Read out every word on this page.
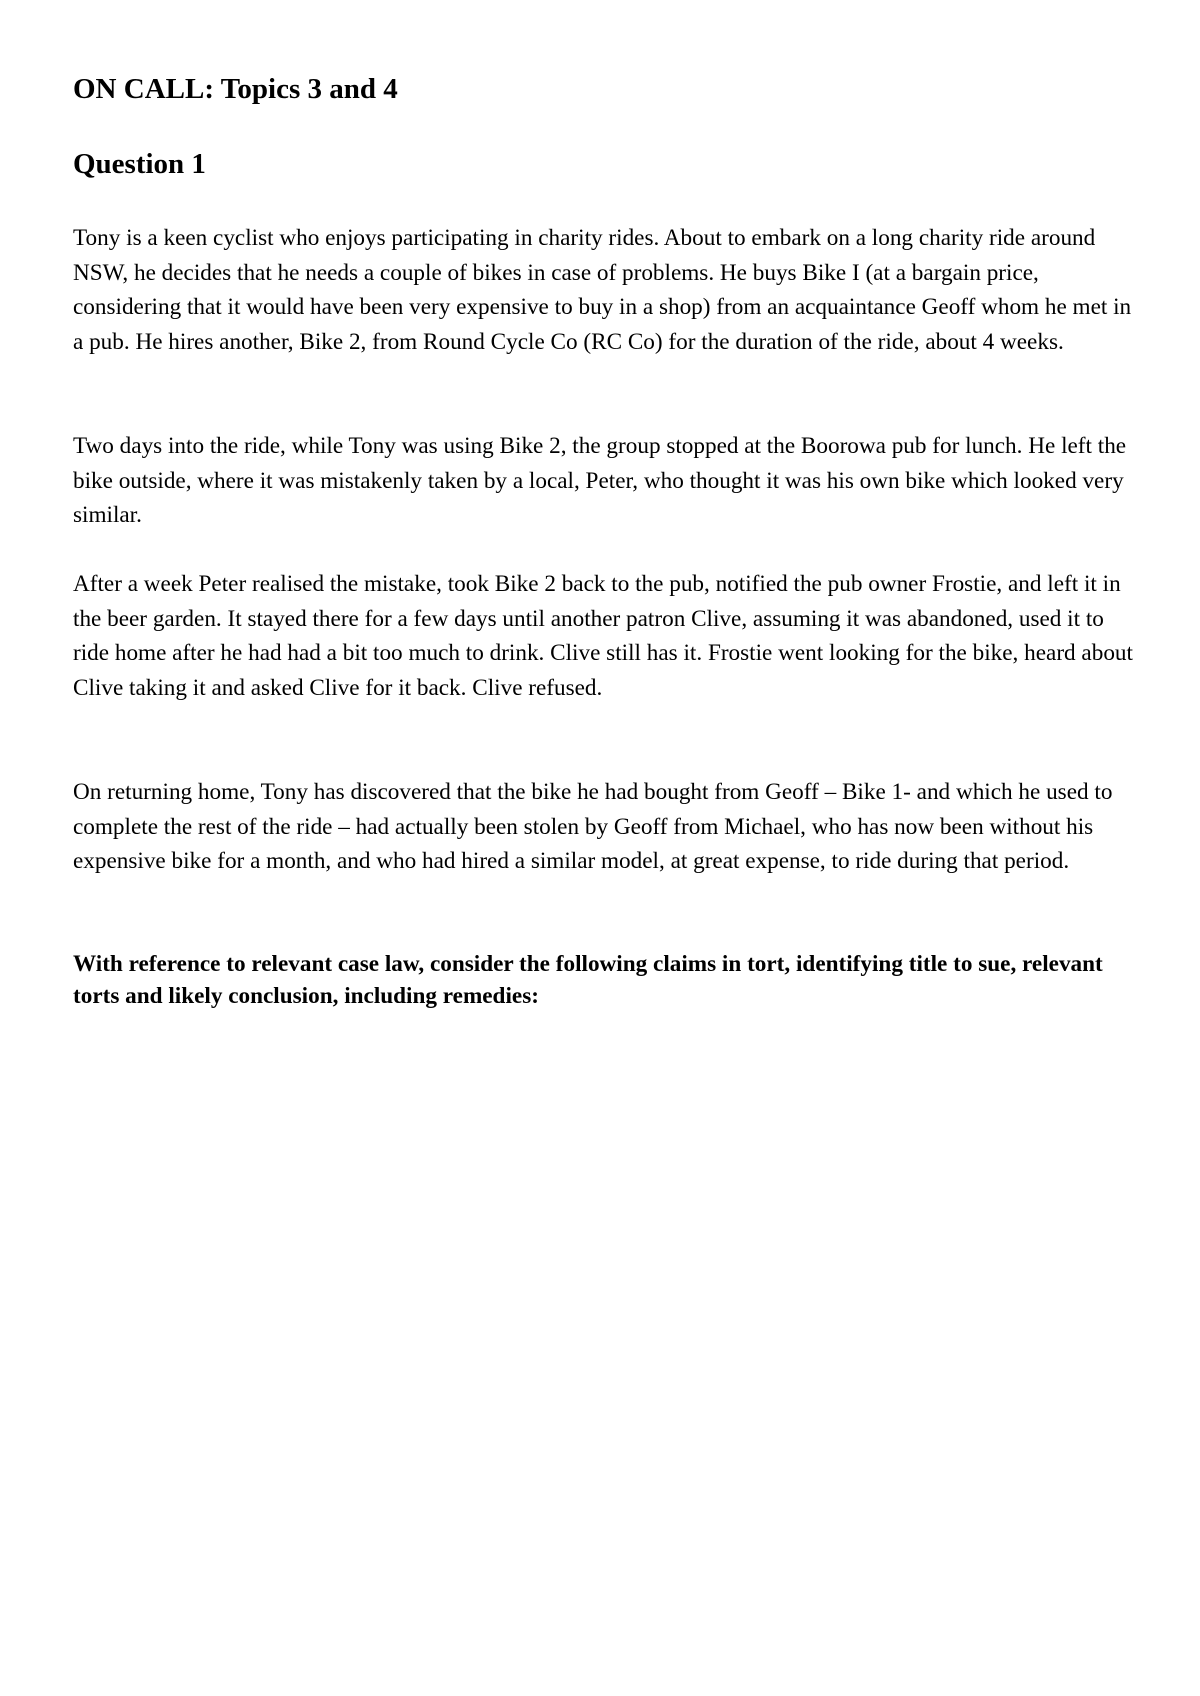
ON CALL: Topics 3 and 4
Question 1

Tony is a keen cyclist who enjoys participating in charity rides. About to embark on a long charity ride around NSW, he decides that he needs a couple of bikes in case of problems. He buys Bike I (at a bargain price, considering that it would have been very expensive to buy in a shop) from an acquaintance Geoff whom he met in a pub. He hires another, Bike 2, from Round Cycle Co (RC Co) for the duration of the ride, about 4 weeks.

Two days into the ride, while Tony was using Bike 2, the group stopped at the Boorowa pub for lunch. He left the bike outside, where it was mistakenly taken by a local, Peter, who thought it was his own bike which looked very similar.

After a week Peter realised the mistake, took Bike 2 back to the pub, notified the pub owner Frostie, and left it in the beer garden. It stayed there for a few days until another patron Clive, assuming it was abandoned, used it to ride home after he had had a bit too much to drink. Clive still has it. Frostie went looking for the bike, heard about Clive taking it and asked Clive for it back. Clive refused.

On returning home, Tony has discovered that the bike he had bought from Geoff – Bike 1- and which he used to complete the rest of the ride – had actually been stolen by Geoff from Michael, who has now been without his expensive bike for a month, and who had hired a similar model, at great expense, to ride during that period.

With reference to relevant case law, consider the following claims in tort, identifying title to sue, relevant torts and likely conclusion, including remedies:
